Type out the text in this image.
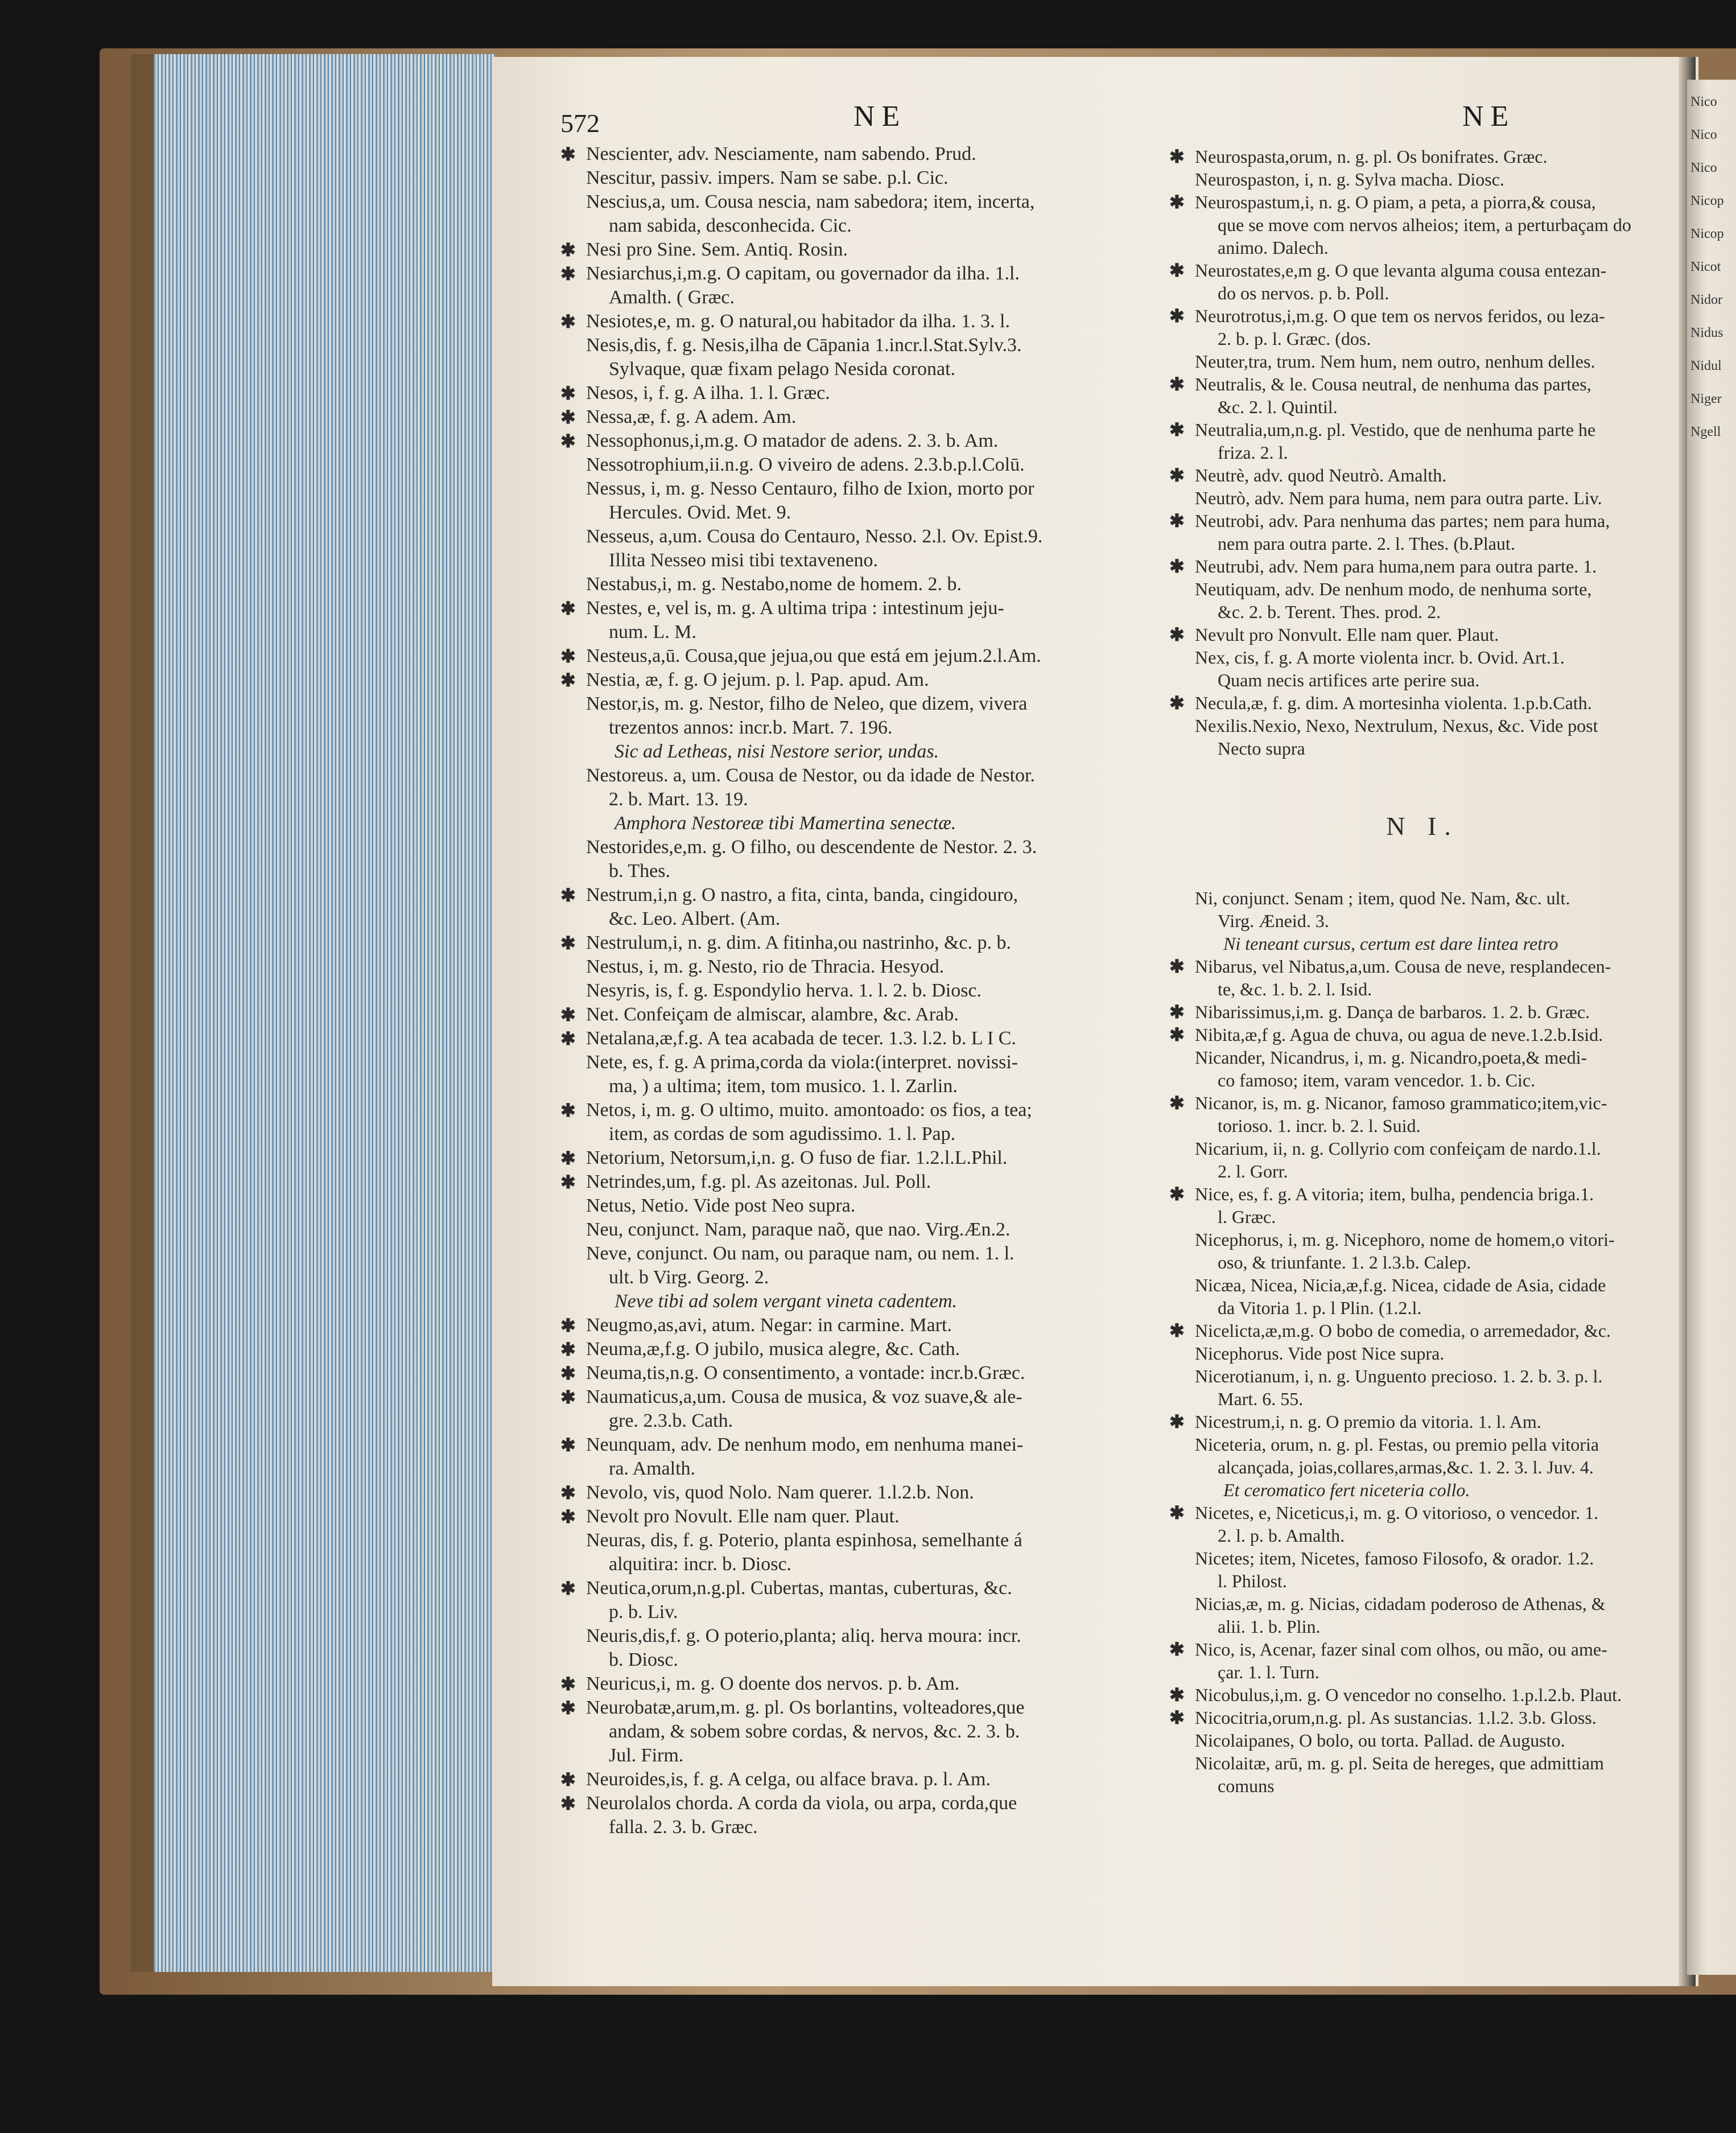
Nico
Nico
Nico
Nicop
Nicop
Nicot
Nidor
Nidus
Nidul
Niger
Ngell
572	NE	NE
✱ Nescienter, adv. Nesciamente, nam sabendo. Prud.
Nescitur, passiv. impers. Nam se sabe. p.l. Cic.
Nescius,a, um. Cousa nescia, nam sabedora; item, incerta,
nam sabida, desconhecida. Cic.
✱ Nesi pro Sine. Sem. Antiq. Rosin.
✱ Nesiarchus,i,m.g. O capitam, ou governador da ilha. 1.l.
Amalth. ( Græc.
✱ Nesiotes,e, m. g. O natural,ou habitador da ilha. 1. 3. l.
Nesis,dis, f. g. Nesis,ilha de Cāpania 1.incr.l.Stat.Sylv.3.
Sylvaque, quæ fixam pelago Nesida coronat.
✱ Nesos, i, f. g. A ilha. 1. l. Græc.
✱ Nessa,æ, f. g. A adem. Am.
✱ Nessophonus,i,m.g. O matador de adens. 2. 3. b. Am.
Nessotrophium,ii.n.g. O viveiro de adens. 2.3.b.p.l.Colū.
Nessus, i, m. g. Nesso Centauro, filho de Ixion, morto por
Hercules. Ovid. Met. 9.
Nesseus, a,um. Cousa do Centauro, Nesso. 2.l. Ov. Epist.9.
Illita Nesseo misi tibi textaveneno.
Nestabus,i, m. g. Nestabo,nome de homem. 2. b.
✱ Nestes, e, vel is, m. g. A ultima tripa : intestinum jeju-
num. L. M.
✱ Nesteus,a,ū. Cousa,que jejua,ou que está em jejum.2.l.Am.
✱ Nestia, æ, f. g. O jejum. p. l. Pap. apud. Am.
Nestor,is, m. g. Nestor, filho de Neleo, que dizem, vivera
trezentos annos: incr.b. Mart. 7. 196.
Sic ad Letheas, nisi Nestore serior, undas.
Nestoreus. a, um. Cousa de Nestor, ou da idade de Nestor.
2. b. Mart. 13. 19.
Amphora Nestoreæ tibi Mamertina senectæ.
Nestorides,e,m. g. O filho, ou descendente de Nestor. 2. 3.
b. Thes.
✱ Nestrum,i,n g. O nastro, a fita, cinta, banda, cingidouro,
&c. Leo. Albert. (Am.
✱ Nestrulum,i, n. g. dim. A fitinha,ou nastrinho, &c. p. b.
Nestus, i, m. g. Nesto, rio de Thracia. Hesyod.
Nesyris, is, f. g. Espondylio herva. 1. l. 2. b. Diosc.
✱ Net. Confeiçam de almiscar, alambre, &c. Arab.
✱ Netalana,æ,f.g. A tea acabada de tecer. 1.3. l.2. b. L I C.
Nete, es, f. g. A prima,corda da viola:(interpret. novissi-
ma, ) a ultima; item, tom musico. 1. l. Zarlin.
✱ Netos, i, m. g. O ultimo, muito. amontoado: os fios, a tea;
item, as cordas de som agudissimo. 1. l. Pap.
✱ Netorium, Netorsum,i,n. g. O fuso de fiar. 1.2.l.L.Phil.
✱ Netrindes,um, f.g. pl. As azeitonas. Jul. Poll.
Netus, Netio. Vide post Neo supra.
Neu, conjunct. Nam, paraque naõ, que nao. Virg.Æn.2.
Neve, conjunct. Ou nam, ou paraque nam, ou nem. 1. l.
ult. b Virg. Georg. 2.
Neve tibi ad solem vergant vineta cadentem.
✱ Neugmo,as,avi, atum. Negar: in carmine. Mart.
✱ Neuma,æ,f.g. O jubilo, musica alegre, &c. Cath.
✱ Neuma,tis,n.g. O consentimento, a vontade: incr.b.Græc.
✱ Naumaticus,a,um. Cousa de musica, & voz suave,& ale-
gre. 2.3.b. Cath.
✱ Neunquam, adv. De nenhum modo, em nenhuma manei-
ra. Amalth.
✱ Nevolo, vis, quod Nolo. Nam querer. 1.l.2.b. Non.
✱ Nevolt pro Novult. Elle nam quer. Plaut.
Neuras, dis, f. g. Poterio, planta espinhosa, semelhante á
alquitira: incr. b. Diosc.
✱ Neutica,orum,n.g.pl. Cubertas, mantas, cuberturas, &c.
p. b. Liv.
Neuris,dis,f. g. O poterio,planta; aliq. herva moura: incr.
b. Diosc.
✱ Neuricus,i, m. g. O doente dos nervos. p. b. Am.
✱ Neurobatæ,arum,m. g. pl. Os borlantins, volteadores,que
andam, & sobem sobre cordas, & nervos, &c. 2. 3. b.
Jul. Firm.
✱ Neuroides,is, f. g. A celga, ou alface brava. p. l. Am.
✱ Neurolalos chorda. A corda da viola, ou arpa, corda,que
falla. 2. 3. b. Græc.
✱ Neurospasta,orum, n. g. pl. Os bonifrates. Græc.
Neurospaston, i, n. g. Sylva macha. Diosc.
✱ Neurospastum,i, n. g. O piam, a peta, a piorra,& cousa,
que se move com nervos alheios; item, a perturbaçam do
animo. Dalech.
✱ Neurostates,e,m g. O que levanta alguma cousa entezan-
do os nervos. p. b. Poll.
✱ Neurotrotus,i,m.g. O que tem os nervos feridos, ou leza-
2. b. p. l. Græc. (dos.
Neuter,tra, trum. Nem hum, nem outro, nenhum delles.
✱ Neutralis, & le. Cousa neutral, de nenhuma das partes,
&c. 2. l. Quintil.
✱ Neutralia,um,n.g. pl. Vestido, que de nenhuma parte he
friza. 2. l.
✱ Neutrè, adv. quod Neutrò. Amalth.
Neutrò, adv. Nem para huma, nem para outra parte. Liv.
✱ Neutrobi, adv. Para nenhuma das partes; nem para huma,
nem para outra parte. 2. l. Thes. (b.Plaut.
✱ Neutrubi, adv. Nem para huma,nem para outra parte. 1.
Neutiquam, adv. De nenhum modo, de nenhuma sorte,
&c. 2. b. Terent. Thes. prod. 2.
✱ Nevult pro Nonvult. Elle nam quer. Plaut.
Nex, cis, f. g. A morte violenta incr. b. Ovid. Art.1.
Quam necis artifices arte perire sua.
✱ Necula,æ, f. g. dim. A mortesinha violenta. 1.p.b.Cath.
Nexilis.Nexio, Nexo, Nextrulum, Nexus, &c. Vide post
Necto supra
N I.
Ni, conjunct. Senam ; item, quod Ne. Nam, &c. ult.
Virg. Æneid. 3.
Ni teneant cursus, certum est dare lintea retro
✱ Nibarus, vel Nibatus,a,um. Cousa de neve, resplandecen-
te, &c. 1. b. 2. l. Isid.
✱ Nibarissimus,i,m. g. Dança de barbaros. 1. 2. b. Græc.
✱ Nibita,æ,f g. Agua de chuva, ou agua de neve.1.2.b.Isid.
Nicander, Nicandrus, i, m. g. Nicandro,poeta,& medi-
co famoso; item, varam vencedor. 1. b. Cic.
✱ Nicanor, is, m. g. Nicanor, famoso grammatico;item,vic-
torioso. 1. incr. b. 2. l. Suid.
Nicarium, ii, n. g. Collyrio com confeiçam de nardo.1.l.
2. l. Gorr.
✱ Nice, es, f. g. A vitoria; item, bulha, pendencia briga.1.
l. Græc.
Nicephorus, i, m. g. Nicephoro, nome de homem,o vitori-
oso, & triunfante. 1. 2 l.3.b. Calep.
Nicæa, Nicea, Nicia,æ,f.g. Nicea, cidade de Asia, cidade
da Vitoria 1. p. l Plin. (1.2.l.
✱ Nicelicta,æ,m.g. O bobo de comedia, o arremedador, &c.
Nicephorus. Vide post Nice supra.
Nicerotianum, i, n. g. Unguento precioso. 1. 2. b. 3. p. l.
Mart. 6. 55.
✱ Nicestrum,i, n. g. O premio da vitoria. 1. l. Am.
Niceteria, orum, n. g. pl. Festas, ou premio pella vitoria
alcançada, joias,collares,armas,&c. 1. 2. 3. l. Juv. 4.
Et ceromatico fert niceteria collo.
✱ Nicetes, e, Niceticus,i, m. g. O vitorioso, o vencedor. 1.
2. l. p. b. Amalth.
Nicetes; item, Nicetes, famoso Filosofo, & orador. 1.2.
l. Philost.
Nicias,æ, m. g. Nicias, cidadam poderoso de Athenas, &
alii. 1. b. Plin.
✱ Nico, is, Acenar, fazer sinal com olhos, ou mão, ou ame-
çar. 1. l. Turn.
✱ Nicobulus,i,m. g. O vencedor no conselho. 1.p.l.2.b. Plaut.
✱ Nicocitria,orum,n.g. pl. As sustancias. 1.l.2. 3.b. Gloss.
Nicolaipanes, O bolo, ou torta. Pallad. de Augusto.
Nicolaitæ, arū, m. g. pl. Seita de hereges, que admittiam
comuns
